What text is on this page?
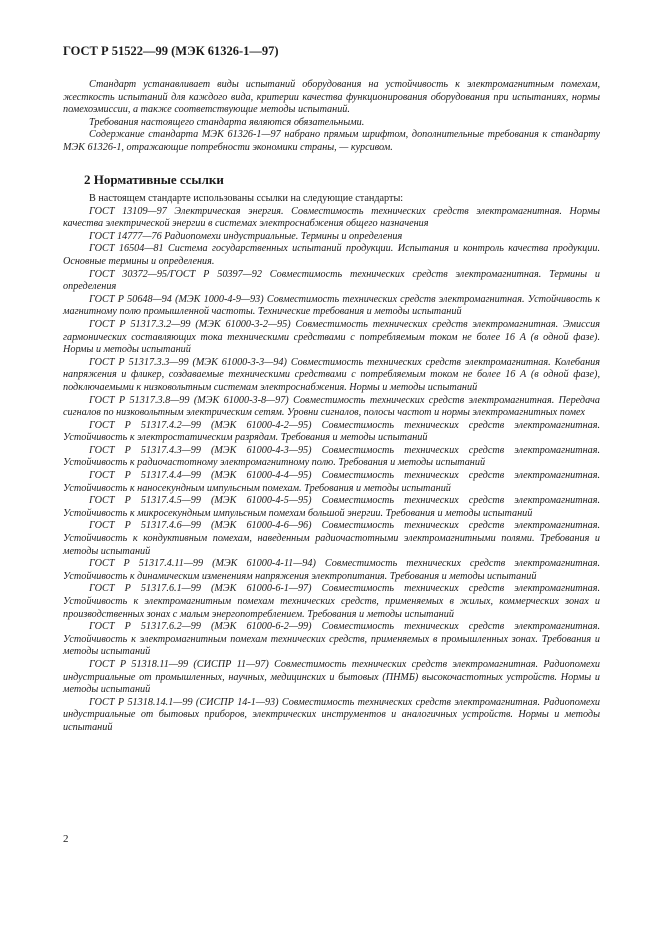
ГОСТ Р 51522—99 (МЭК 61326-1—97)

Стандарт устанавливает виды испытаний оборудования на устойчивость к электромагнитным помехам, жесткость испытаний для каждого вида, критерии качества функционирования оборудования при испытаниях, нормы помехоэмиссии, а также соответствующие методы испытаний.

Требования настоящего стандарта являются обязательными.

Содержание стандарта МЭК 61326-1—97 набрано прямым шрифтом, дополнительные требования к стандарту МЭК 61326-1, отражающие потребности экономики страны, — курсивом.

2 Нормативные ссылки

В настоящем стандарте использованы ссылки на следующие стандарты:

ГОСТ 13109—97 Электрическая энергия. Совместимость технических средств электромагнитная. Нормы качества электрической энергии в системах электроснабжения общего назначения

ГОСТ 14777—76 Радиопомехи индустриальные. Термины и определения

ГОСТ 16504—81 Система государственных испытаний продукции. Испытания и контроль качества продукции. Основные термины и определения.

ГОСТ 30372—95/ГОСТ Р 50397—92 Совместимость технических средств электромагнитная. Термины и определения

ГОСТ Р 50648—94 (МЭК 1000-4-9—93) Совместимость технических средств электромагнитная. Устойчивость к магнитному полю промышленной частоты. Технические требования и методы испытаний

ГОСТ Р 51317.3.2—99 (МЭК 61000-3-2—95) Совместимость технических средств электромагнитная. Эмиссия гармонических составляющих тока техническими средствами с потребляемым током не более 16 А (в одной фазе). Нормы и методы испытаний

ГОСТ Р 51317.3.3—99 (МЭК 61000-3-3—94) Совместимость технических средств электромагнитная. Колебания напряжения и фликер, создаваемые техническими средствами с потребляемым током не более 16 А (в одной фазе), подключаемыми к низковольтным системам электроснабжения. Нормы и методы испытаний

ГОСТ Р 51317.3.8—99 (МЭК 61000-3-8—97) Совместимость технических средств электромагнитная. Передача сигналов по низковольтным электрическим сетям. Уровни сигналов, полосы частот и нормы электромагнитных помех

ГОСТ Р 51317.4.2—99 (МЭК 61000-4-2—95) Совместимость технических средств электромагнитная. Устойчивость к электростатическим разрядам. Требования и методы испытаний

ГОСТ Р 51317.4.3—99 (МЭК 61000-4-3—95) Совместимость технических средств электромагнитная. Устойчивость к радиочастотному электромагнитному полю. Требования и методы испытаний

ГОСТ Р 51317.4.4—99 (МЭК 61000-4-4—95) Совместимость технических средств электромагнитная. Устойчивость к наносекундным импульсным помехам. Требования и методы испытаний

ГОСТ Р 51317.4.5—99 (МЭК 61000-4-5—95) Совместимость технических средств электромагнитная. Устойчивость к микросекундным импульсным помехам большой энергии. Требования и методы испытаний

ГОСТ Р 51317.4.6—99 (МЭК 61000-4-6—96) Совместимость технических средств электромагнитная. Устойчивость к кондуктивным помехам, наведенным радиочастотными электромагнитными полями. Требования и методы испытаний

ГОСТ Р 51317.4.11—99 (МЭК 61000-4-11—94) Совместимость технических средств электромагнитная. Устойчивость к динамическим изменениям напряжения электропитания. Требования и методы испытаний

ГОСТ Р 51317.6.1—99 (МЭК 61000-6-1—97) Совместимость технических средств электромагнитная. Устойчивость к электромагнитным помехам технических средств, применяемых в жилых, коммерческих зонах и производственных зонах с малым энергопотреблением. Требования и методы испытаний

ГОСТ Р 51317.6.2—99 (МЭК 61000-6-2—99) Совместимость технических средств электромагнитная. Устойчивость к электромагнитным помехам технических средств, применяемых в промышленных зонах. Требования и методы испытаний

ГОСТ Р 51318.11—99 (СИСПР 11—97) Совместимость технических средств электромагнитная. Радиопомехи индустриальные от промышленных, научных, медицинских и бытовых (ПНМБ) высокочастотных устройств. Нормы и методы испытаний

ГОСТ Р 51318.14.1—99 (СИСПР 14-1—93) Совместимость технических средств электромагнитная. Радиопомехи индустриальные от бытовых приборов, электрических инструментов и аналогичных устройств. Нормы и методы испытаний

2
